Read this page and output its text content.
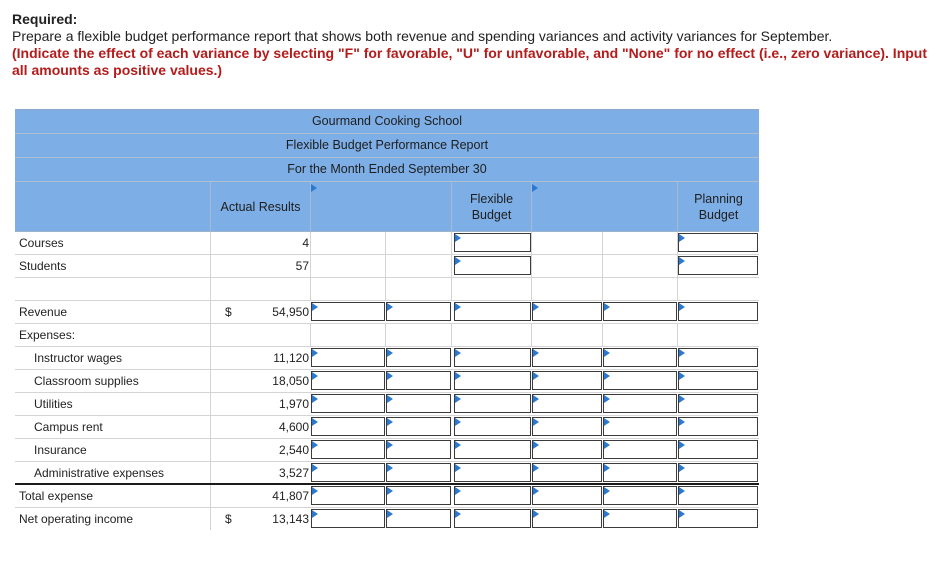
Required:
Prepare a flexible budget performance report that shows both revenue and spending variances and activity variances for September.
(Indicate the effect of each variance by selecting "F" for favorable, "U" for unfavorable, and "None" for no effect (i.e., zero variance). Input all amounts as positive values.)
Gourmand Cooking School
Flexible Budget Performance Report
For the Month Ended September 30
Actual Results
Flexible Budget
Planning Budget
Courses	4
Students	57
Revenue	$	54,950
Expenses:
Instructor wages	11,120
Classroom supplies	18,050
Utilities	1,970
Campus rent	4,600
Insurance	2,540
Administrative expenses	3,527
Total expense	41,807
Net operating income	$	13,143
